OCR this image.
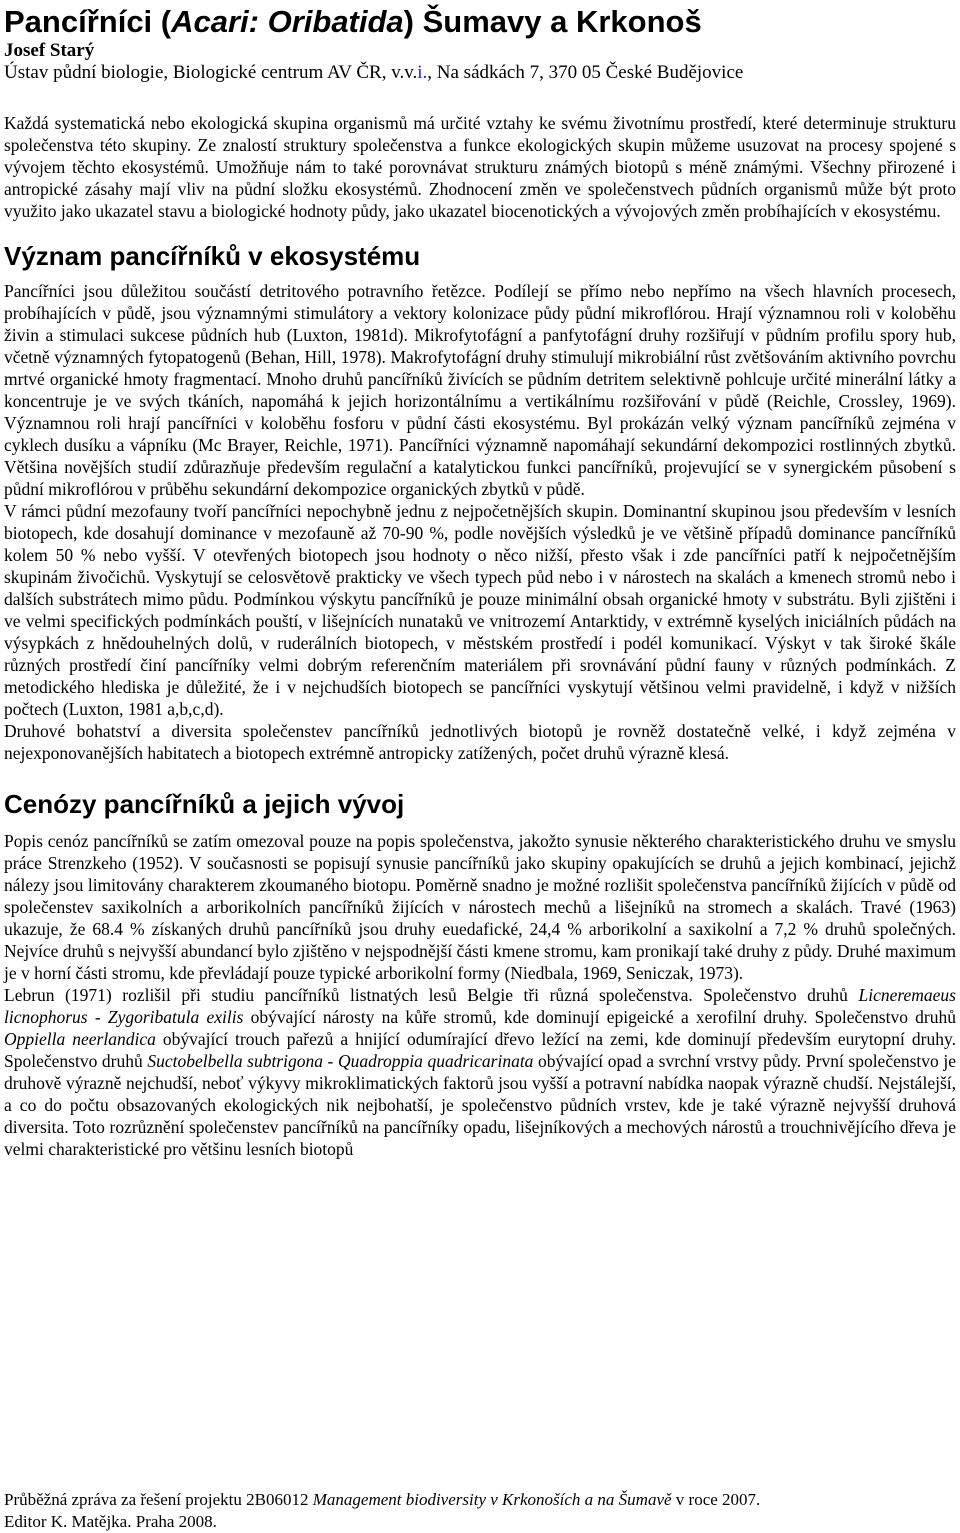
Pancířníci (Acari: Oribatida) Šumavy a Krkonoš

Josef Starý

Ústav půdní biologie, Biologické centrum AV ČR, v.v.i., Na sádkách 7, 370 05 České Budějovice

Každá systematická nebo ekologická skupina organismů má určité vztahy ke svému životnímu prostředí, které determinuje strukturu společenstva této skupiny. Ze znalostí struktury společenstva a funkce ekologických skupin můžeme usuzovat na procesy spojené s vývojem těchto ekosystémů. Umožňuje nám to také porovnávat strukturu známých biotopů s méně známými. Všechny přirozené i antropické zásahy mají vliv na půdní složku ekosystémů. Zhodnocení změn ve společenstvech půdních organismů může být proto využito jako ukazatel stavu a biologické hodnoty půdy, jako ukazatel biocenotických a vývojových změn probíhajících v ekosystému.

Význam pancířníků v ekosystému

Pancířníci jsou důležitou součástí detritového potravního řetězce. Podílejí se přímo nebo nepřímo na všech hlavních procesech, probíhajících v půdě, jsou významnými stimulátory a vektory kolonizace půdy půdní mikroflórou. Hrají významnou roli v koloběhu živin a stimulaci sukcese půdních hub (Luxton, 1981d). Mikrofytofágní a panfytofágní druhy rozšiřují v půdním profilu spory hub, včetně významných fytopatogenů (Behan, Hill, 1978). Makrofytofágní druhy stimulují mikrobiální růst zvětšováním aktivního povrchu mrtvé organické hmoty fragmentací. Mnoho druhů pancířníků živících se půdním detritem selektivně pohlcuje určité minerální látky a koncentruje je ve svých tkáních, napomáhá k jejich horizontálnímu a vertikálnímu rozšiřování v půdě (Reichle, Crossley, 1969). Významnou roli hrají pancířníci v koloběhu fosforu v půdní části ekosystému. Byl prokázán velký význam pancířníků zejména v cyklech dusíku a vápníku (Mc Brayer, Reichle, 1971). Pancířníci významně napomáhají sekundární dekompozici rostlinných zbytků. Většina novějších studií zdůrazňuje především regulační a katalytickou funkci pancířníků, projevující se v synergickém působení s půdní mikroflórou v průběhu sekundární dekompozice organických zbytků v půdě.

V rámci půdní mezofauny tvoří pancířníci nepochybně jednu z nejpočetnějších skupin. Dominantní skupinou jsou především v lesních biotopech, kde dosahují dominance v mezofauně až 70-90 %, podle novějších výsledků je ve většině případů dominance pancířníků kolem 50 % nebo vyšší. V otevřených biotopech jsou hodnoty o něco nižší, přesto však i zde pancířníci patří k nejpočetnějším skupinám živočichů. Vyskytují se celosvětově prakticky ve všech typech půd nebo i v nárostech na skalách a kmenech stromů nebo i dalších substrátech mimo půdu. Podmínkou výskytu pancířníků je pouze minimální obsah organické hmoty v substrátu. Byli zjištěni i ve velmi specifických podmínkách pouští, v lišejnících nunataků ve vnitrozemí Antarktidy, v extrémně kyselých iniciálních půdách na výsypkách z hnědouhelných dolů, v ruderálních biotopech, v městském prostředí i podél komunikací. Výskyt v tak široké škále různých prostředí činí pancířníky velmi dobrým referenčním materiálem při srovnávání půdní fauny v různých podmínkách. Z metodického hlediska je důležité, že i v nejchudších biotopech se pancířníci vyskytují většinou velmi pravidelně, i když v nižších počtech (Luxton, 1981 a,b,c,d).

Druhové bohatství a diversita společenstev pancířníků jednotlivých biotopů je rovněž dostatečně velké, i když zejména v nejexponovanějších habitatech a biotopech extrémně antropicky zatížených, počet druhů výrazně klesá.

Cenózy pancířníků a jejich vývoj

Popis cenóz pancířníků se zatím omezoval pouze na popis společenstva, jakožto synusie některého charakteristického druhu ve smyslu práce Strenzkeho (1952). V současnosti se popisují synusie pancířníků jako skupiny opakujících se druhů a jejich kombinací, jejichž nálezy jsou limitovány charakterem zkoumaného biotopu. Poměrně snadno je možné rozlišit společenstva pancířníků žijících v půdě od společenstev saxikolních a arborikolních pancířníků žijících v nárostech mechů a lišejníků na stromech a skalách. Travé (1963) ukazuje, že 68.4 % získaných druhů pancířníků jsou druhy euedafické, 24,4 % arborikolní a saxikolní a 7,2 % druhů společných. Nejvíce druhů s nejvyšší abundancí bylo zjištěno v nejspodnější části kmene stromu, kam pronikají také druhy z půdy. Druhé maximum je v horní části stromu, kde převládají pouze typické arborikolní formy (Niedbala, 1969, Seniczak, 1973).

Lebrun (1971) rozlišil při studiu pancířníků listnatých lesů Belgie tři různá společenstva. Společenstvo druhů Licneremaeus licnophorus - Zygoribatula exilis obývající nárosty na kůře stromů, kde dominují epigeické a xerofilní druhy. Společenstvo druhů Oppiella neerlandica obývající trouch pařezů a hnijící odumírající dřevo ležící na zemi, kde dominují především eurytopní druhy. Společenstvo druhů Suctobelbella subtrigona - Quadroppia quadricarinata obývající opad a svrchní vrstvy půdy. První společenstvo je druhově výrazně nejchudší, neboť výkyvy mikroklimatických faktorů jsou vyšší a potravní nabídka naopak výrazně chudší. Nejstálejší, a co do počtu obsazovaných ekologických nik nejbohatší, je společenstvo půdních vrstev, kde je také výrazně nejvyšší druhová diversita. Toto rozrůznění společenstev pancířníků na pancířníky opadu, lišejníkových a mechových nárostů a trouchnivějícího dřeva je velmi charakteristické pro většinu lesních biotopů

Průběžná zpráva za řešení projektu 2B06012 Management biodiversity v Krkonoších a na Šumavě v roce 2007.
Editor K. Matějka. Praha 2008.
